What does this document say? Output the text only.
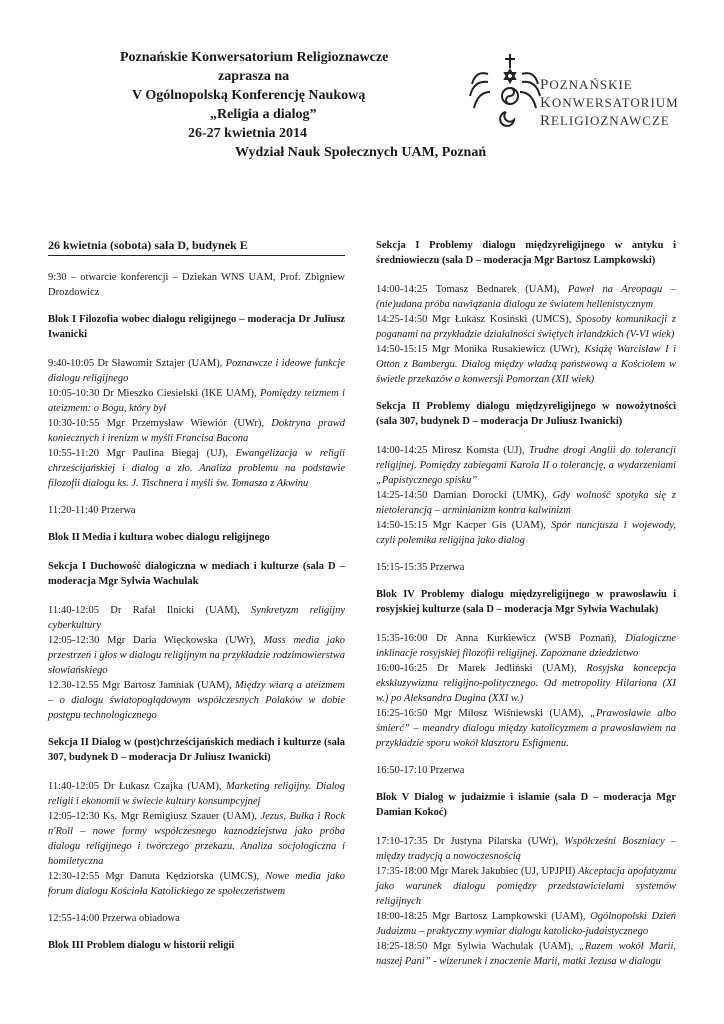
Poznańskie Konwersatorium Religioznawcze
zaprasza na
V Ogólnopolską Konferencję Naukową
„Religia a dialog”
26-27 kwietnia 2014
Wydział Nauk Społecznych UAM, Poznań
POZNAŃSKIE
KONWERSATORIUM
RELIGIOZNAWCZE
26 kwietnia (sobota) sala D, budynek E

9:30 – otwarcie konferencji – Dziekan WNS UAM, Prof. Zbigniew Drozdowicz

Blok I Filozofia wobec dialogu religijnego – moderacja Dr Juliusz Iwanicki

9:40-10:05 Dr Sławomir Sztajer (UAM), Poznawcze i ideowe funkcje dialogu religijnego

10:05-10:30 Dr Mieszko Ciesielski (IKE UAM), Pomiędzy teizmem i ateizmem: o Bogu, który był

10:30-10:55 Mgr Przemysław Wiewiór (UWr), Doktryna prawd koniecznych i irenizm w myśli Francisa Bacona

10:55-11:20 Mgr Paulina Biegaj (UJ), Ewangelizacja w religii chrześcijańskiej i dialog a zło. Analiza problemu na podstawie filozofii dialogu ks. J. Tischnera i myśli św. Tomasza z Akwinu

11:20-11:40 Przerwa

Blok II Media i kultura wobec dialogu religijnego

Sekcja I Duchowość dialogiczna w mediach i kulturze (sala D – moderacja Mgr Sylwia Wachulak

11:40-12:05 Dr Rafał Ilnicki (UAM), Synkretyzm religijny cyberkultury

12:05-12:30 Mgr Daria Więckowska (UWr), Mass media jako przestrzeń i głos w dialogu religijnym na przykładzie rodzimowierstwa słowiańskiego

12.30-12.55 Mgr Bartosz Jamniak (UAM), Między wiarą a ateizmem – o dialogu światopoglądowym współczesnych Polaków w dobie postępu technologicznego

Sekcja II Dialog w (post)chrześcijańskich mediach i kulturze (sala 307, budynek D – moderacja Dr Juliusz Iwanicki)

11:40-12:05 Dr Łukasz Czajka (UAM), Marketing religijny. Dialog religii i ekonomii w świecie kultury konsumpcyjnej

12:05-12:30 Ks. Mgr Remigiusz Szauer (UAM), Jezus, Bułka i Rock n'Roll – nowe formy współczesnego kaznodziejstwa jako próba dialogu religijnego i twórczego przekazu. Analiza socjologiczna i homiletyczna

12:30-12:55 Mgr Danuta Kędziorska (UMCS), Nowe media jako forum dialogu Kościoła Katolickiego ze społeczeństwem

12:55-14:00 Przerwa obiadowa

Blok III Problem dialogu w historii religii

Sekcja I Problemy dialogu międzyreligijnego w antyku i średniowieczu (sala D – moderacja Mgr Bartosz Lampkowski)

14:00-14:25 Tomasz Bednarek (UAM), Paweł na Areopagu – (nie)udana próba nawiązania dialogu ze światem hellenistycznym

14:25-14:50 Mgr Łukasz Kosiński (UMCS), Sposoby komunikacji z poganami na przykładzie działalności świętych irlandzkich (V-VI wiek)

14:50-15:15 Mgr Monika Rusakiewicz (UWr), Książę Warcisław I i Otton z Bambergu. Dialog między władzą państwową a Kościołem w świetle przekazów o konwersji Pomorzan (XII wiek)

Sekcja II Problemy dialogu międzyreligijnego w nowożytności (sala 307, budynek D – moderacja Dr Juliusz Iwanicki)

14:00-14:25 Mirosz Komsta (UJ), Trudne drogi Anglii do tolerancji religijnej. Pomiędzy zabiegami Karola II o tolerancję, a wydarzeniami „Papistycznego spisku”

14:25-14:50 Damian Dorocki (UMK), Gdy wolność spotyka się z nietolerancją – arminianizm kontra kalwinizm

14:50-15:15 Mgr Kacper Gis (UAM), Spór nuncjusza i wojewody, czyli polemika religijna jako dialog

15:15-15:35 Przerwa

Blok IV Problemy dialogu międzyreligijnego w prawosławiu i rosyjskiej kulturze (sala D – moderacja Mgr Sylwia Wachulak)

15:35-16:00 Dr Anna Kurkiewicz (WSB Poznań), Dialogiczne inklinacje rosyjskiej filozofii religijnej. Zapoznane dziedzictwo

16:00-16:25 Dr Marek Jedliński (UAM), Rosyjska koncepcja ekskluzywizmu religijno-politycznego. Od metropolity Hilariona (XI w.) po Aleksandra Dugina (XXI w.)

16:25-16:50 Mgr Miłosz Wiśniewski (UAM), „Prawosławie albo śmierć” – meandry dialogu między katolicyzmem a prawosławiem na przykładzie sporu wokół klasztoru Esfigmenu.

16:50-17:10 Przerwa

Blok V Dialog w judaizmie i islamie (sala D – moderacja Mgr Damian Kokoć)

17:10-17:35 Dr Justyna Pilarska (UWr), Współcześni Boszniacy – między tradycją a nowoczesnością

17:35-18:00 Mgr Marek Jakubiec (UJ, UPJPII) Akceptacja apofatyzmu jako warunek dialogu pomiędzy przedstawicielami systemów religijnych

18:00-18:25 Mgr Bartosz Lampkowski (UAM), Ogólnopolski Dzień Judaizmu – praktyczny wymiar dialogu katolicko-judaistycznego

18:25-18:50 Mgr Sylwia Wachulak (UAM), „Razem wokół Marii, naszej Pani” - wizerunek i znaczenie Marii, matki Jezusa w dialogu
